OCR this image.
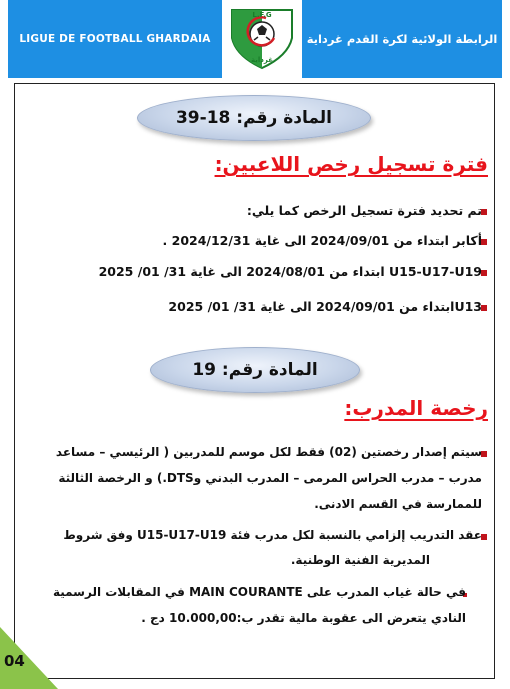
LIGUE DE FOOTBALL GHARDAIA	الرابطة الولائية لكرة القدم غرداية
L.F.G
غرداية
المادة رقم: 18-39
فترة تسجيل رخص اللاعبين:
تم تحديد فترة تسجيل الرخص كما يلي:
أكابر ابتداء من 2024/09/01 الى غاية 2024/12/31 .
U15-U17-U19 ابتداء من 2024/08/01 الى غاية 31/ 01/ 2025
U13ابتداء من 2024/09/01 الى غاية 31/ 01/ 2025
المادة رقم: 19
رخصة المدرب:
سيتم إصدار رخصتين (02) فقط لكل موسم للمدربين ( الرئيسي – مساعد
مدرب – مدرب الحراس المرمى – المدرب البدني وDTS.) و الرخصة الثالثة
للممارسة في القسم الادنى.
عقد التدريب إلزامي بالنسبة لكل مدرب فئة U15-U17-U19 وفق شروط
المديرية الفنية الوطنية.
في حالة غياب المدرب على MAIN COURANTE في المقابلات الرسمية
النادي يتعرض الى عقوبة مالية تقدر ب:10.000,00 دج .
04
